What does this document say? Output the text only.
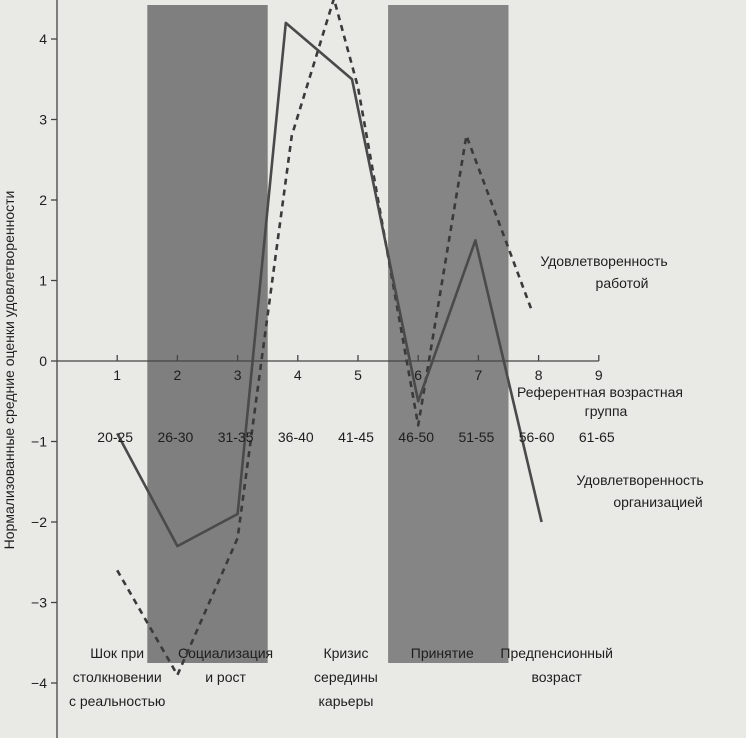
4
3
2
1
0
−1
−2
−3
−4
1	2	3	4	5	6	7	8	9
20-25 26-30 31-35 36-40 41-45 46-50 51-55 56-60 61-65
Шок при столкновении с реальностью
Социализация и рост
Кризис середины карьеры
Принятие Предпенсионный возраст
Удовлетворенность работой
Удовлетворенность организацией
Нормализованные средние оценки удовлетворенности	Референтная возрастная
группа
